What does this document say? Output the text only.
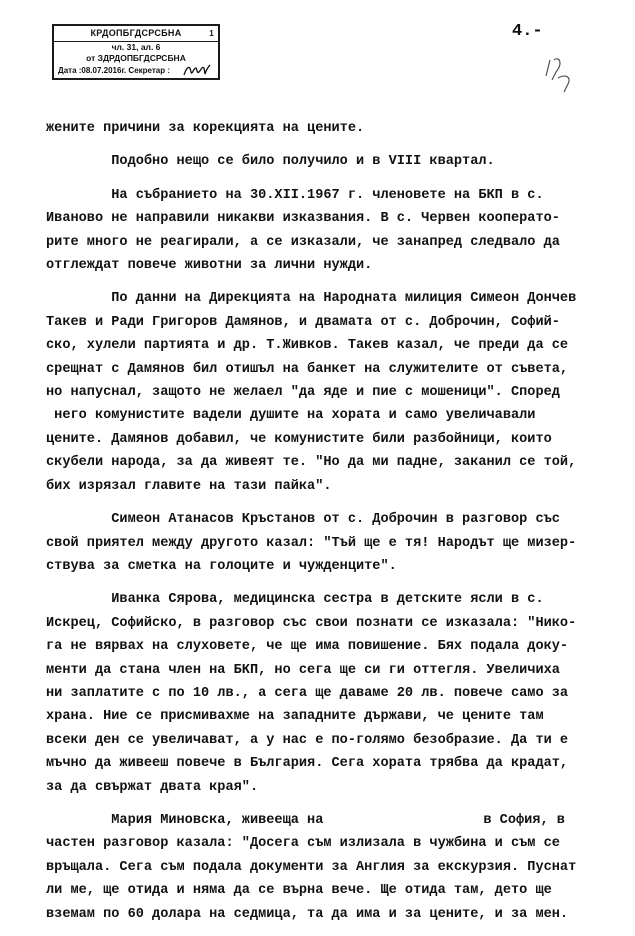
КРДОПБГДСРСБНА	1
чл. 31, ал. 6
от ЗДРДОПБГДСРСБНА
Дата :08.07.2016г. Секретар :
4.-

жените причини за корекцията на цените.

Подобно нещо се било получило и в VIII квартал.

На събранието на 30.XII.1967 г. членовете на БКП в с.
Иваново не направили никакви изказвания. В с. Червен кооперато-
рите много не реагирали, а се изказали, че занапред следвало да
отглеждат повече животни за лични нужди.

По данни на Дирекцията на Народната милиция Симеон Дончев
Такев и Ради Григоров Дамянов, и двамата от с. Доброчин, Софий-
ско, хулели партията и др. Т.Живков. Такев казал, че преди да се
срещнат с Дамянов бил отишъл на банкет на служителите от съвета,
но напуснал, защото не желаел "да яде и пие с мошеници". Според
него комунистите вадели душите на хората и само увеличавали
цените. Дамянов добавил, че комунистите били разбойници, които
скубели народа, за да живеят те. "Но да ми падне, заканил се той,
бих изрязал главите на тази пайка".

Симеон Атанасов Кръстанов от с. Доброчин в разговор със
свой приятел между другото казал: "Тъй ще е тя! Народът ще мизер-
ствува за сметка на голоците и чужденците".

Иванка Сярова, медицинска сестра в детските ясли в с.
Искрец, Софийско, в разговор със свои познати се изказала: "Нико-
га не вярвах на слуховете, че ще има повишение. Бях подала доку-
менти да стана член на БКП, но сега ще си ги оттегля. Увеличиха
ни заплатите с по 10 лв., а сега ще даваме 20 лв. повече само за
храна. Ние се присмивахме на западните държави, че цените там
всеки ден се увеличават, а у нас е по-голямо безобразие. Да ти е
мъчно да живееш повече в България. Сега хората трябва да крадат,
за да свържат двата края".

Мария Миновска, живееща на	в София, в
частен разговор казала: "Досега съм излизала в чужбина и съм се
връщала. Сега съм подала документи за Англия за екскурзия. Пуснат
ли ме, ще отида и няма да се върна вече. Ще отида там, дето ще
вземам по 60 долара на седмица, та да има и за цените, и за мен.
